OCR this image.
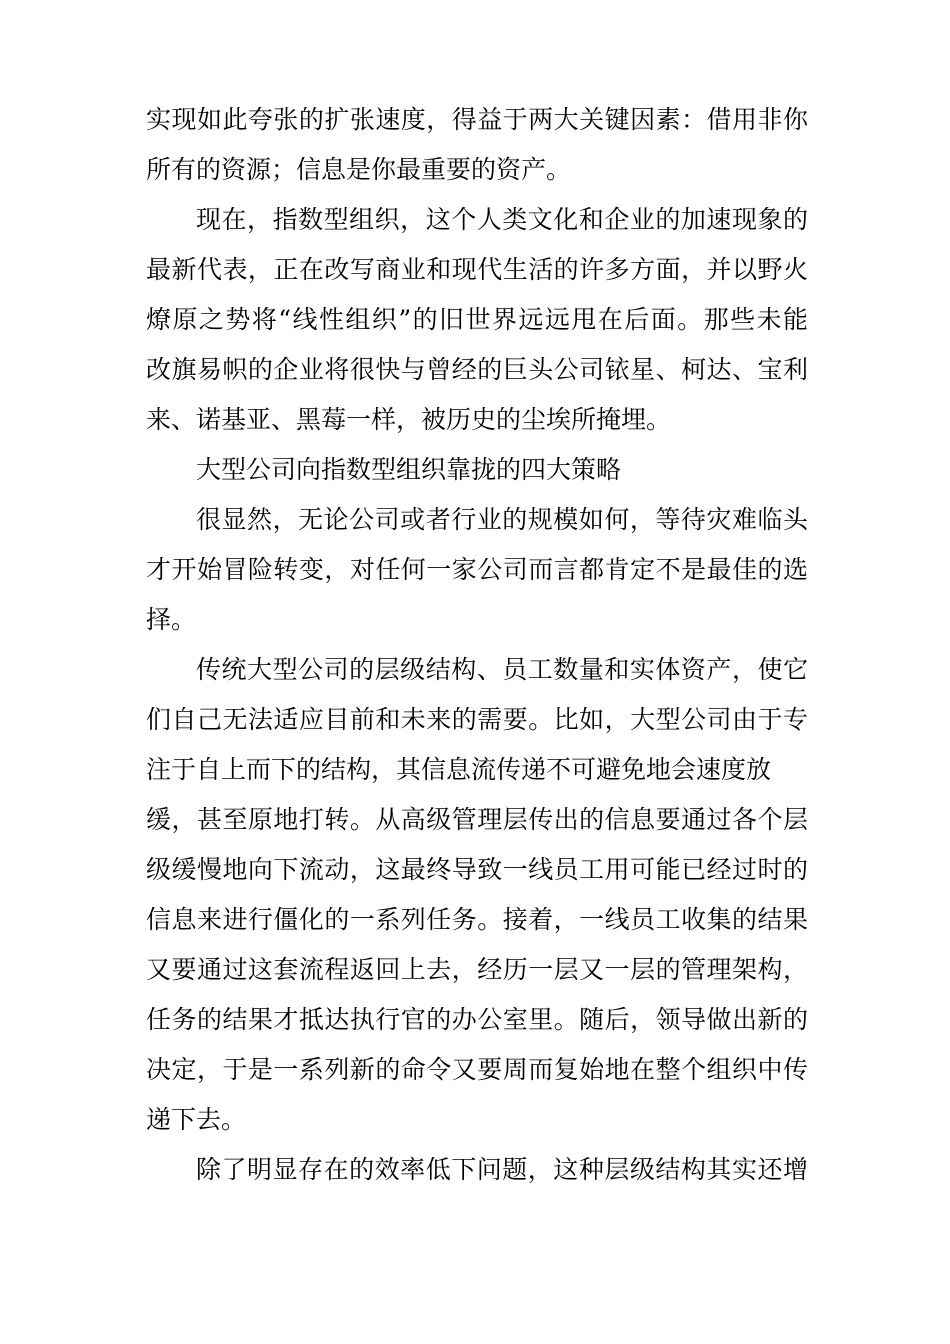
实现如此夸张的扩张速度，得益于两大关键因素：借用非你
所有的资源；信息是你最重要的资产。
现在，指数型组织，这个人类文化和企业的加速现象的
最新代表，正在改写商业和现代生活的许多方面，并以野火
燎原之势将“线性组织”的旧世界远远甩在后面。那些未能
改旗易帜的企业将很快与曾经的巨头公司铱星、柯达、宝利
来、诺基亚、黑莓一样，被历史的尘埃所掩埋。
大型公司向指数型组织靠拢的四大策略
很显然，无论公司或者行业的规模如何，等待灾难临头
才开始冒险转变，对任何一家公司而言都肯定不是最佳的选
择。
传统大型公司的层级结构、员工数量和实体资产，使它
们自己无法适应目前和未来的需要。比如，大型公司由于专
注于自上而下的结构，其信息流传递不可避免地会速度放
缓，甚至原地打转。从高级管理层传出的信息要通过各个层
级缓慢地向下流动，这最终导致一线员工用可能已经过时的
信息来进行僵化的一系列任务。接着，一线员工收集的结果
又要通过这套流程返回上去，经历一层又一层的管理架构，
任务的结果才抵达执行官的办公室里。随后，领导做出新的
决定，于是一系列新的命令又要周而复始地在整个组织中传
递下去。
除了明显存在的效率低下问题，这种层级结构其实还增
